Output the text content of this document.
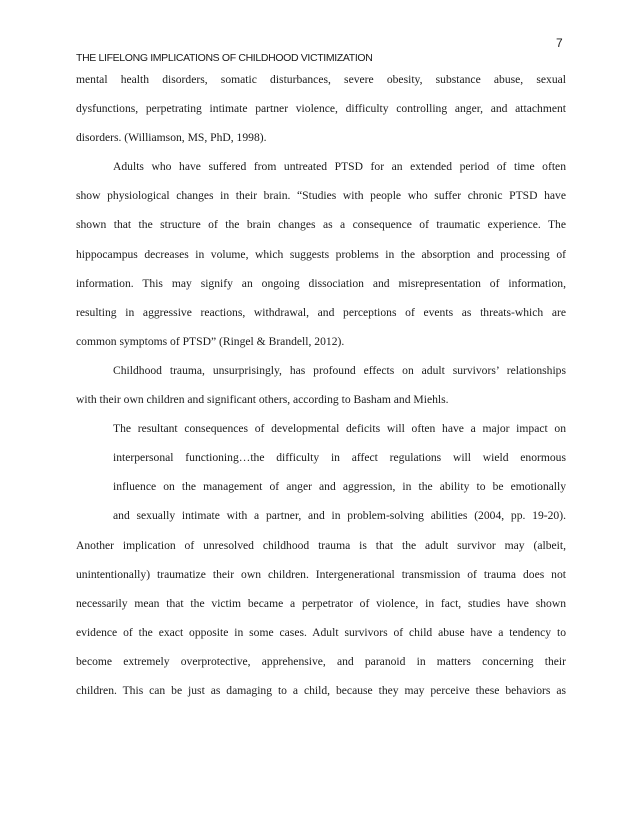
7
THE LIFELONG IMPLICATIONS OF CHILDHOOD VICTIMIZATION
mental health disorders, somatic disturbances, severe obesity, substance abuse, sexual
dysfunctions, perpetrating intimate partner violence, difficulty controlling anger, and attachment
disorders. (Williamson, MS, PhD, 1998).
Adults who have suffered from untreated PTSD for an extended period of time often
show physiological changes in their brain. “Studies with people who suffer chronic PTSD have
shown that the structure of the brain changes as a consequence of traumatic experience. The
hippocampus decreases in volume, which suggests problems in the absorption and processing of
information. This may signify an ongoing dissociation and misrepresentation of information,
resulting in aggressive reactions, withdrawal, and perceptions of events as threats-which are
common symptoms of PTSD” (Ringel & Brandell, 2012).
Childhood trauma, unsurprisingly, has profound effects on adult survivors’ relationships
with their own children and significant others, according to Basham and Miehls.
The resultant consequences of developmental deficits will often have a major impact on
interpersonal functioning…the difficulty in affect regulations will wield enormous
influence on the management of anger and aggression, in the ability to be emotionally
and sexually intimate with a partner, and in problem-solving abilities (2004, pp. 19-20).
Another implication of unresolved childhood trauma is that the adult survivor may (albeit,
unintentionally) traumatize their own children. Intergenerational transmission of trauma does not
necessarily mean that the victim became a perpetrator of violence, in fact, studies have shown
evidence of the exact opposite in some cases. Adult survivors of child abuse have a tendency to
become extremely overprotective, apprehensive, and paranoid in matters concerning their
children. This can be just as damaging to a child, because they may perceive these behaviors as
